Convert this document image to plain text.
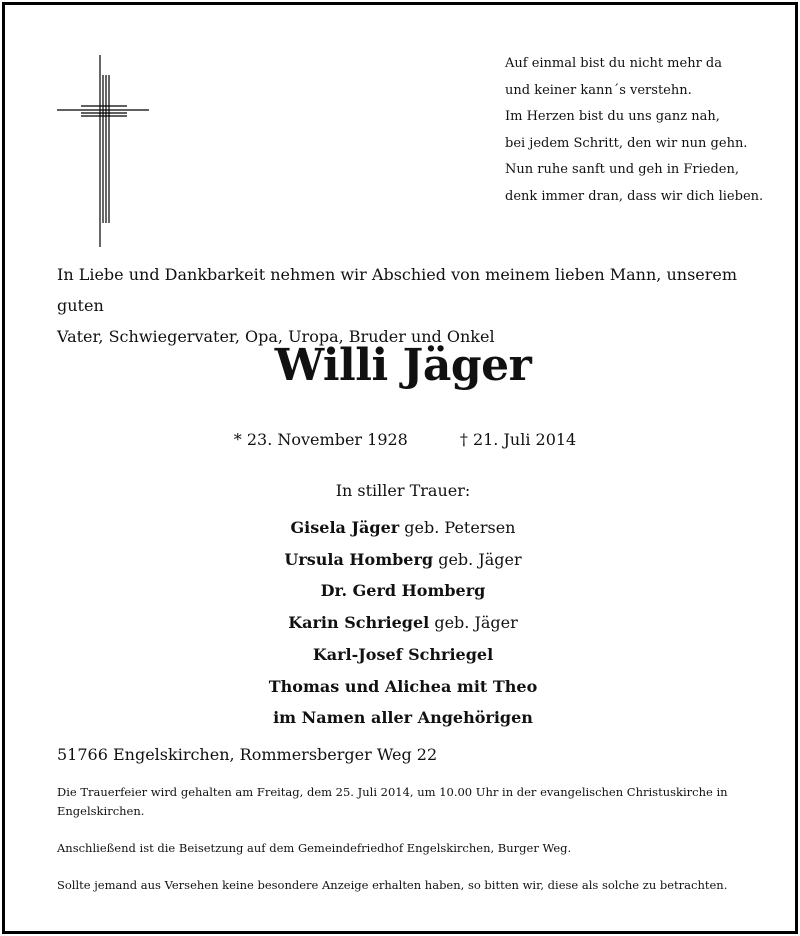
Auf einmal bist du nicht mehr da
und keiner kann´s verstehn.
Im Herzen bist du uns ganz nah,
bei jedem Schritt, den wir nun gehn.
Nun ruhe sanft und geh in Frieden,
denk immer dran, dass wir dich lieben.
In Liebe und Dankbarkeit nehmen wir Abschied von meinem lieben Mann, unserem guten
Vater, Schwiegervater, Opa, Uropa, Bruder und Onkel
Willi Jäger
* 23. November 1928	† 21. Juli 2014
In stiller Trauer:
Gisela Jäger geb. Petersen
Ursula Homberg geb. Jäger
Dr. Gerd Homberg
Karin Schriegel geb. Jäger
Karl-Josef Schriegel
Thomas und Alichea mit Theo
im Namen aller Angehörigen
51766 Engelskirchen, Rommersberger Weg 22

Die Trauerfeier wird gehalten am Freitag, dem 25. Juli 2014, um 10.00 Uhr in der evangelischen Christuskirche in Engelskirchen.

Anschließend ist die Beisetzung auf dem Gemeindefriedhof Engelskirchen, Burger Weg.

Sollte jemand aus Versehen keine besondere Anzeige erhalten haben, so bitten wir, diese als solche zu betrachten.
